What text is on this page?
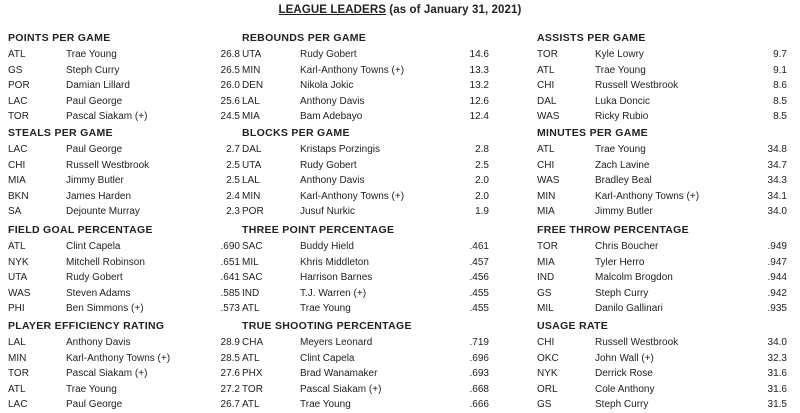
LEAGUE LEADERS (as of January 31, 2021)
POINTS PER GAME
ATL	Trae Young	26.8
GS	Steph Curry	26.5
POR	Damian Lillard	26.0
LAC	Paul George	25.6
TOR	Pascal Siakam (+)	24.5
REBOUNDS PER GAME
UTA	Rudy Gobert	14.6
MIN	Karl-Anthony Towns (+)	13.3
DEN	Nikola Jokic	13.2
LAL	Anthony Davis	12.6
MIA	Bam Adebayo	12.4
ASSISTS PER GAME
TOR	Kyle Lowry	9.7
ATL	Trae Young	9.1
CHI	Russell Westbrook	8.6
DAL	Luka Doncic	8.5
WAS	Ricky Rubio	8.5
STEALS PER GAME
LAC	Paul George	2.7
CHI	Russell Westbrook	2.5
MIA	Jimmy Butler	2.5
BKN	James Harden	2.4
SA	Dejounte Murray	2.3
BLOCKS PER GAME
DAL	Kristaps Porzingis	2.8
UTA	Rudy Gobert	2.5
LAL	Anthony Davis	2.0
MIN	Karl-Anthony Towns (+)	2.0
POR	Jusuf Nurkic	1.9
MINUTES PER GAME
ATL	Trae Young	34.8
CHI	Zach Lavine	34.7
WAS	Bradley Beal	34.3
MIN	Karl-Anthony Towns (+)	34.1
MIA	Jimmy Butler	34.0
FIELD GOAL PERCENTAGE
ATL	Clint Capela	.690
NYK	Mitchell Robinson	.651
UTA	Rudy Gobert	.641
WAS	Steven Adams	.585
PHI	Ben Simmons (+)	.573
THREE POINT PERCENTAGE
SAC	Buddy Hield	.461
MIL	Khris Middleton	.457
SAC	Harrison Barnes	.456
IND	T.J. Warren (+)	.455
ATL	Trae Young	.455
FREE THROW PERCENTAGE
TOR	Chris Boucher	.949
MIA	Tyler Herro	.947
IND	Malcolm Brogdon	.944
GS	Steph Curry	.942
MIL	Danilo Gallinari	.935
PLAYER EFFICIENCY RATING
LAL	Anthony Davis	28.9
MIN	Karl-Anthony Towns (+)	28.5
TOR	Pascal Siakam (+)	27.6
ATL	Trae Young	27.2
LAC	Paul George	26.7
TRUE SHOOTING PERCENTAGE
CHA	Meyers Leonard	.719
ATL	Clint Capela	.696
PHX	Brad Wanamaker	.693
TOR	Pascal Siakam (+)	.668
ATL	Trae Young	.666
USAGE RATE
CHI	Russell Westbrook	34.0
OKC	John Wall (+)	32.3
NYK	Derrick Rose	31.6
ORL	Cole Anthony	31.6
GS	Steph Curry	31.5
